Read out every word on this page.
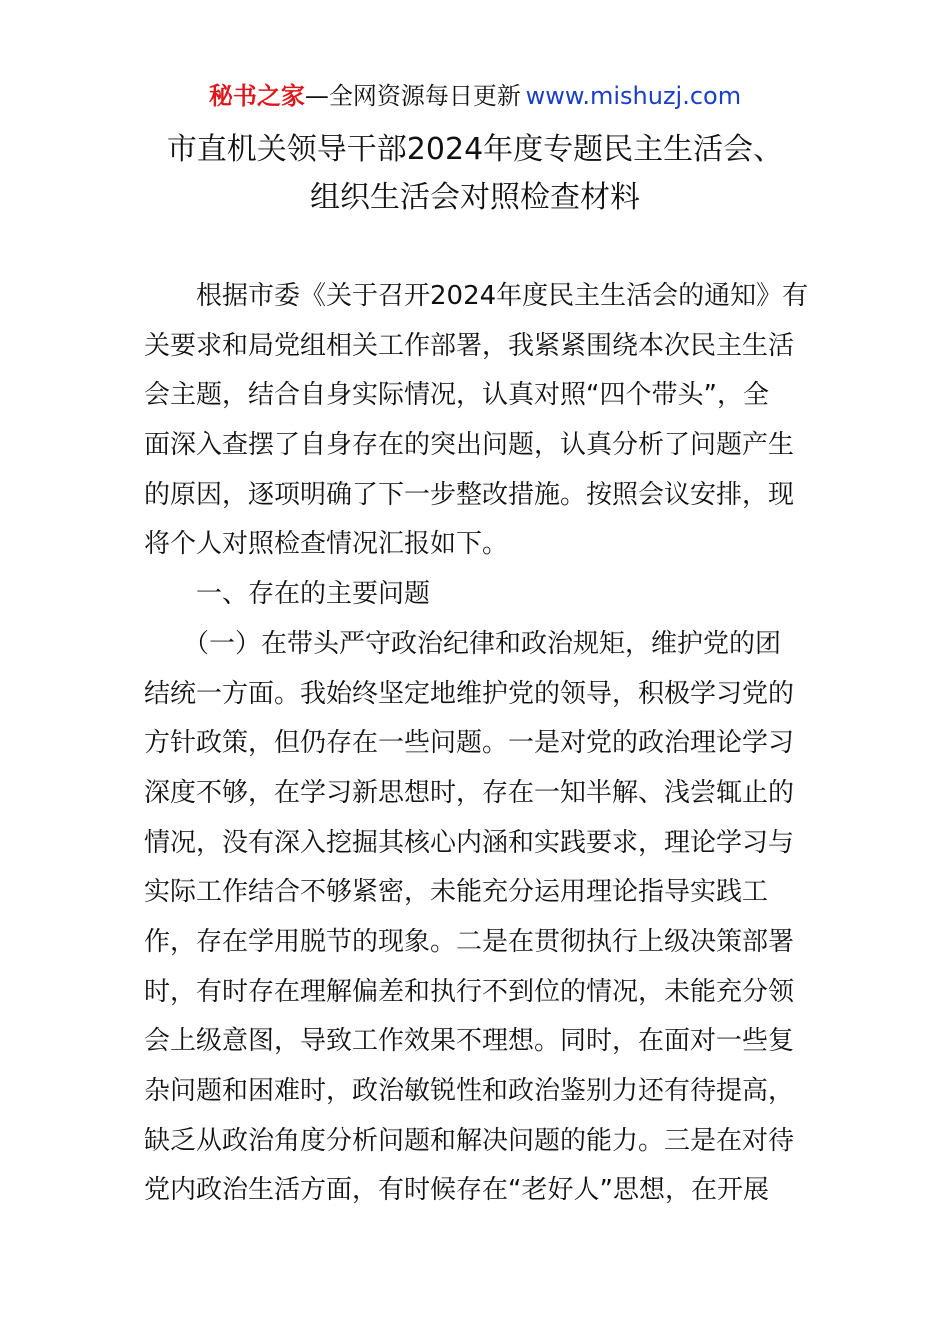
秘书之家—全网资源每日更新  www.mishuzj.com
市直机关领导干部2024年度专题民主生活会、
组织生活会对照检查材料
　　根据市委《关于召开2024年度民主生活会的通知》有
关要求和局党组相关工作部署，我紧紧围绕本次民主生活
会主题，结合自身实际情况，认真对照“四个带头”，全
面深入查摆了自身存在的突出问题，认真分析了问题产生
的原因，逐项明确了下一步整改措施。按照会议安排，现
将个人对照检查情况汇报如下。
　　一、存在的主要问题
　　（一）在带头严守政治纪律和政治规矩，维护党的团
结统一方面。我始终坚定地维护党的领导，积极学习党的
方针政策，但仍存在一些问题。一是对党的政治理论学习
深度不够，在学习新思想时，存在一知半解、浅尝辄止的
情况，没有深入挖掘其核心内涵和实践要求，理论学习与
实际工作结合不够紧密，未能充分运用理论指导实践工
作，存在学用脱节的现象。二是在贯彻执行上级决策部署
时，有时存在理解偏差和执行不到位的情况，未能充分领
会上级意图，导致工作效果不理想。同时，在面对一些复
杂问题和困难时，政治敏锐性和政治鉴别力还有待提高，
缺乏从政治角度分析问题和解决问题的能力。三是在对待
党内政治生活方面，有时候存在“老好人”思想，在开展
